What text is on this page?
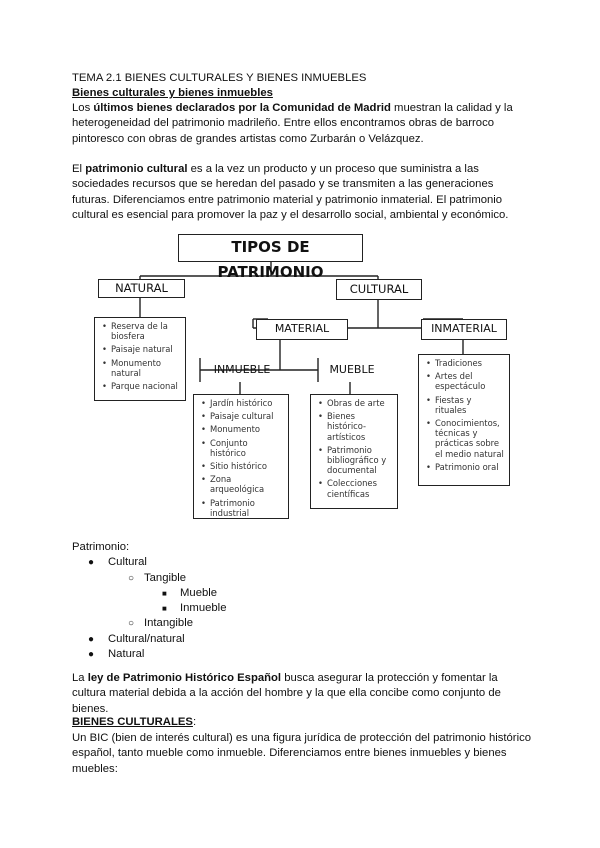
TEMA 2.1 BIENES CULTURALES Y BIENES INMUEBLES

Bienes culturales y bienes inmuebles

Los últimos bienes declarados por la Comunidad de Madrid muestran la calidad y la heterogeneidad del patrimonio madrileño. Entre ellos encontramos obras de barroco pintoresco con obras de grandes artistas como Zurbarán o Velázquez.

El patrimonio cultural es a la vez un producto y un proceso que suministra a las sociedades recursos que se heredan del pasado y se transmiten a las generaciones futuras. Diferenciamos entre patrimonio material y patrimonio inmaterial. El patrimonio cultural es esencial para promover la paz y el desarrollo social, ambiental y económico.

TIPOS DE PATRIMONIO
NATURAL	CULTURAL
• Reserva de la biosfera
• Paisaje natural
• Monumento natural
• Parque nacional
MATERIAL	INMATERIAL
INMUEBLE	MUEBLE
• Jardín histórico
• Paisaje cultural
• Monumento
• Conjunto histórico
• Sitio histórico
• Zona arqueológica
• Patrimonio industrial
• Obras de arte
• Bienes histórico-artísticos
• Patrimonio bibliográfico y documental
• Colecciones científicas
• Tradiciones
• Artes del espectáculo
• Fiestas y rituales
• Conocimientos, técnicas y prácticas sobre el medio natural
• Patrimonio oral
Patrimonio:
● Cultural
○ Tangible
■ Mueble
■ Inmueble
○ Intangible
● Cultural/natural
● Natural

La ley de Patrimonio Histórico Español busca asegurar la protección y fomentar la cultura material debida a la acción del hombre y la que ella concibe como conjunto de bienes.

BIENES CULTURALES:

Un BIC (bien de interés cultural) es una figura jurídica de protección del patrimonio histórico español, tanto mueble como inmueble. Diferenciamos entre bienes inmuebles y bienes muebles:
